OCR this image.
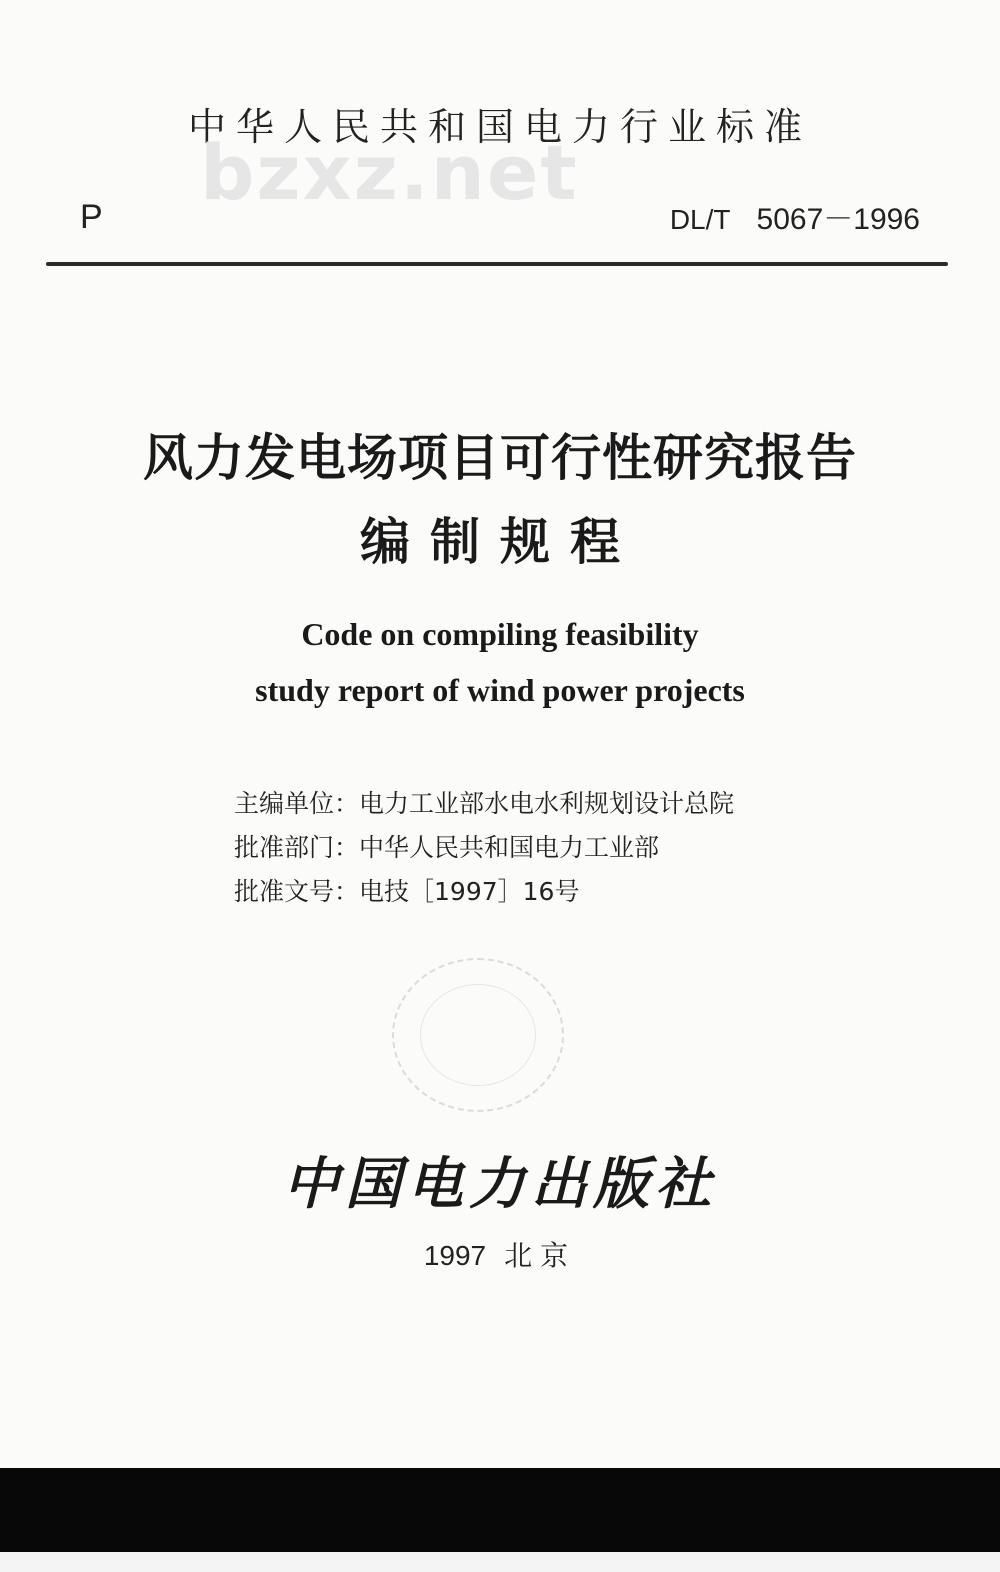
中华人民共和国电力行业标准
bzxz.net
P	DL/T 5067－1996
风力发电场项目可行性研究报告
编制规程
Code on compiling feasibility
study report of wind power projects
主编单位：电力工业部水电水利规划设计总院
批准部门：中华人民共和国电力工业部
批准文号：电技［1997］16号
中国电力出版社
1997 北京
